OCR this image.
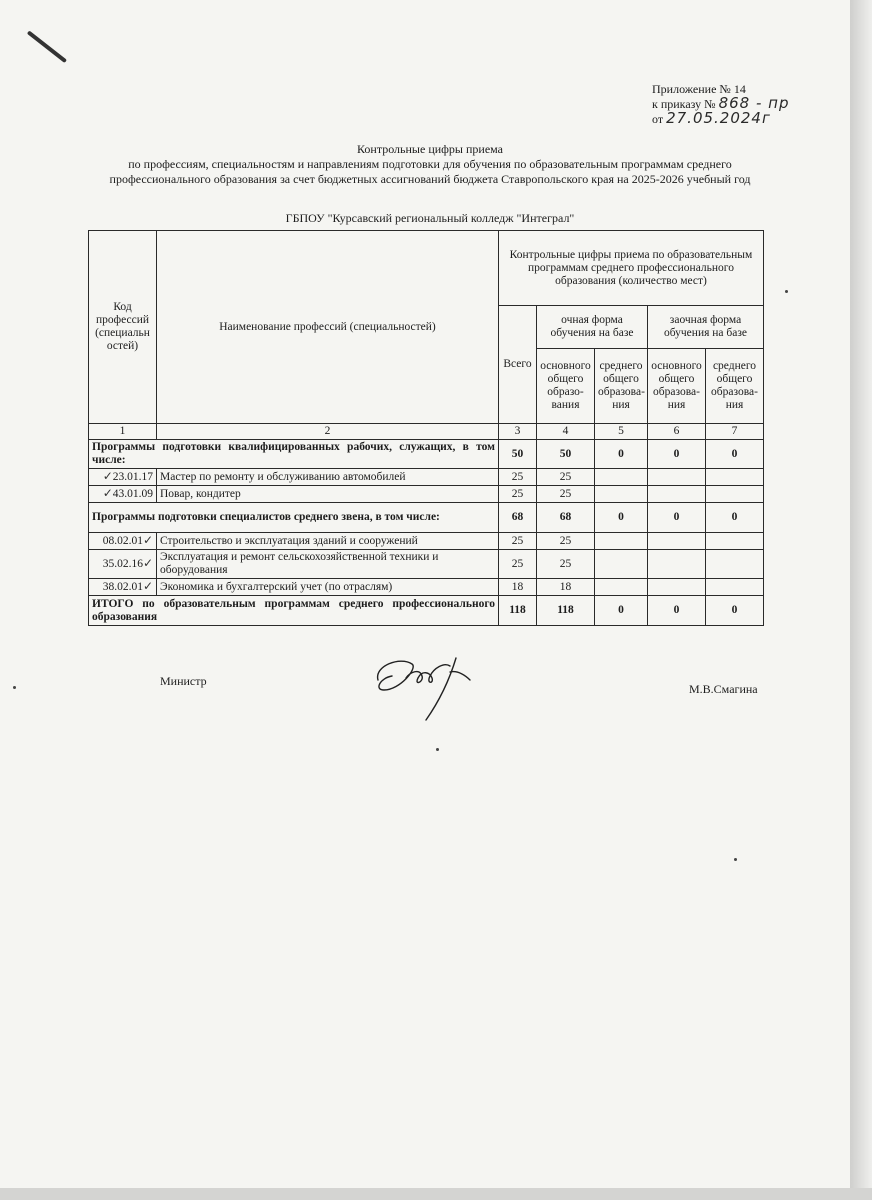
Приложение № 14
к приказу № 868 - пр
от 27.05.2024г
Контрольные цифры приема
по профессиям, специальностям и направлениям подготовки для обучения по образовательным программам среднего
профессионального образования за счет бюджетных ассигнований бюджета Ставропольского края на 2025-2026 учебный год
ГБПОУ "Курсавский региональный колледж "Интеграл"
Код профессий (специальн остей)	Наименование профессий (специальностей)	Контрольные цифры приема по образовательным программам среднего профессионального образования (количество мест)				
		Всего	очная форма обучения на базе		заочная форма обучения на базе	
			основного общего образо- вания	среднего общего образова- ния	основного общего образова- ния	среднего общего образова- ния
1	2	3	4	5	6	7
Программы подготовки квалифицированных рабочих, служащих, в том числе:		50	50	0	0	0
✓23.01.17	Мастер по ремонту и обслуживанию автомобилей	25	25			
✓43.01.09	Повар, кондитер	25	25			
Программы подготовки специалистов среднего звена, в том числе:		68	68	0	0	0
08.02.01✓	Строительство и эксплуатация зданий и сооружений	25	25			
35.02.16✓	Эксплуатация и ремонт сельскохозяйственной техники и оборудования	25	25			
38.02.01✓	Экономика и бухгалтерский учет (по отраслям)	18	18			
ИТОГО по образовательным программам среднего профессионального образования		118	118	0	0	0
Министр
М.В.Смагина
